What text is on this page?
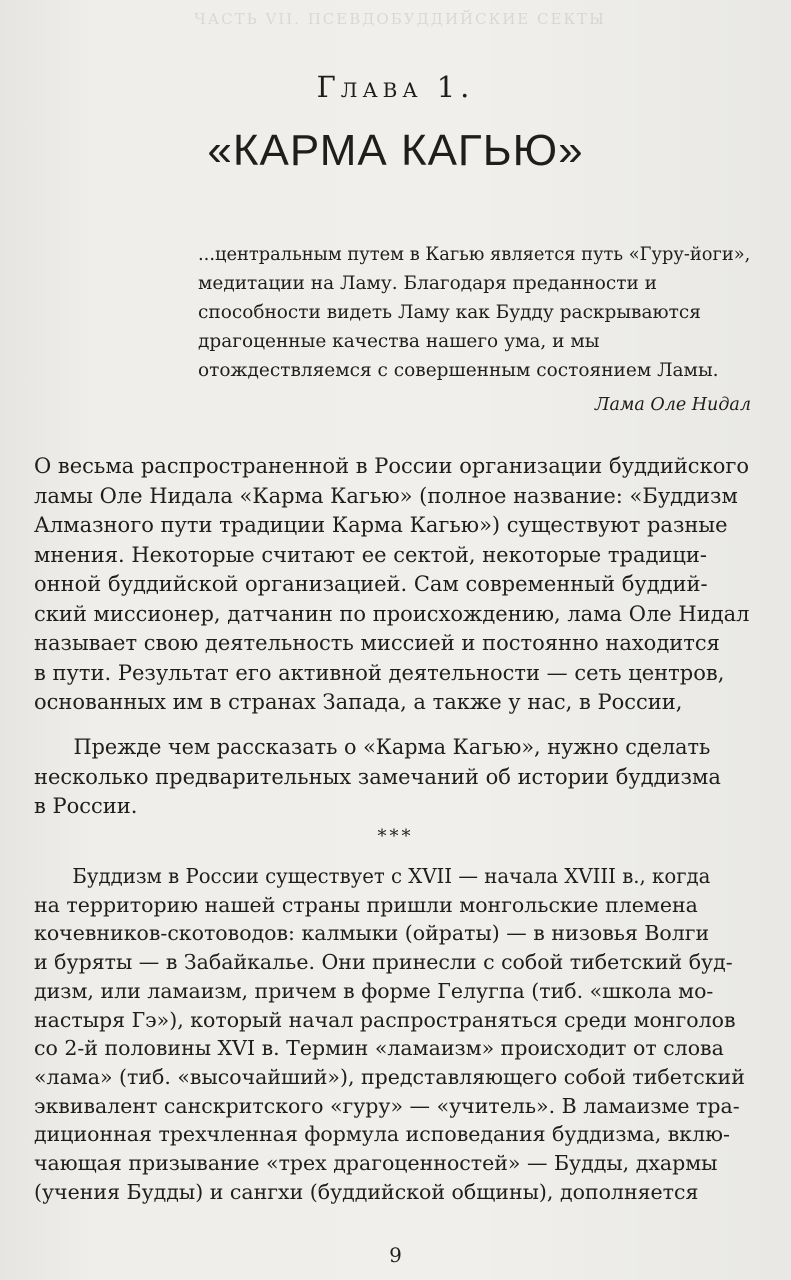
ЧАСТЬ VII. ПСЕВДОБУДДИЙСКИЕ СЕКТЫ
Глава 1.
«КАРМА КАГЬЮ»
...центральным путем в Кагью является путь «Гуру-йоги»,
медитации на Ламу. Благодаря преданности и
способности видеть Ламу как Будду раскрываются
драгоценные качества нашего ума, и мы
отождествляемся с совершенным состоянием Ламы.
Лама Оле Нидал
О весьма распространенной в России организации буддийского
ламы Оле Нидала «Карма Кагью» (полное название: «Буддизм
Алмазного пути традиции Карма Кагью») существуют разные
мнения. Некоторые считают ее сектой, некоторые традици-
онной буддийской организацией. Сам современный буддий-
ский миссионер, датчанин по происхождению, лама Оле Нидал
называет свою деятельность миссией и постоянно находится
в пути. Результат его активной деятельности — сеть центров,
основанных им в странах Запада, а также у нас, в России,
Прежде чем рассказать о «Карма Кагью», нужно сделать
несколько предварительных замечаний об истории буддизма
в России.
***
Буддизм в России существует с XVII — начала XVIII в., когда
на территорию нашей страны пришли монгольские племена
кочевников-скотоводов: калмыки (ойраты) — в низовья Волги
и буряты — в Забайкалье. Они принесли с собой тибетский буд-
дизм, или ламаизм, причем в форме Гелугпа (тиб. «школа мо-
настыря Гэ»), который начал распространяться среди монголов
со 2-й половины XVI в. Термин «ламаизм» происходит от слова
«лама» (тиб. «высочайший»), представляющего собой тибетский
эквивалент санскритского «гуру» — «учитель». В ламаизме тра-
диционная трехчленная формула исповедания буддизма, вклю-
чающая призывание «трех драгоценностей» — Будды, дхармы
(учения Будды) и сангхи (буддийской общины), дополняется
9
